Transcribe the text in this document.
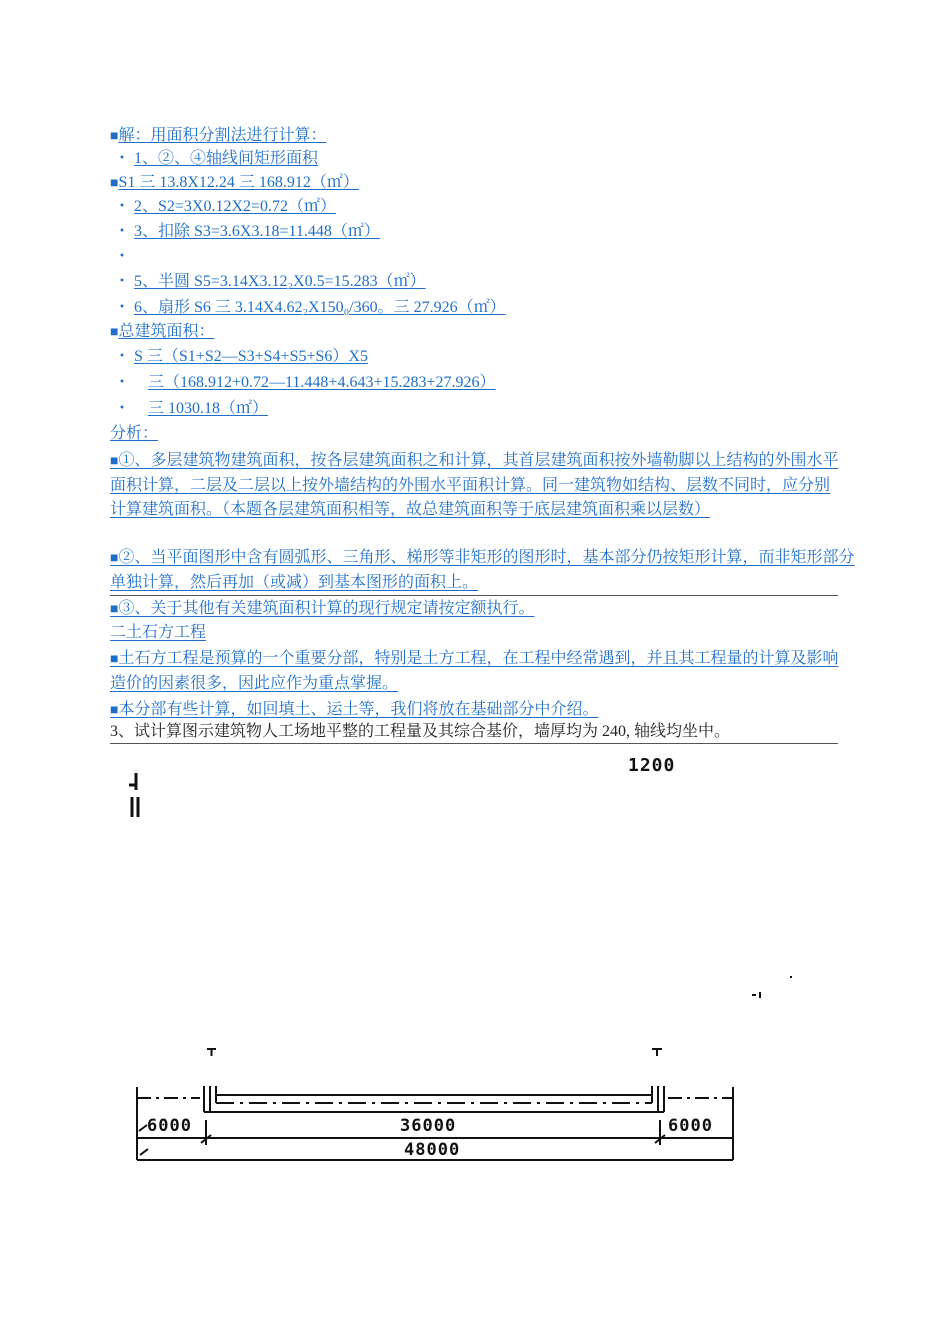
■解：用面积分割法进行计算：
・ 1、②、④轴线间矩形面积
■S1 三 13.8X12.24 三 168.912（㎡）
・ 2、S2=3X0.12X2=0.72（㎡）
・ 3、扣除 S3=3.6X3.18=11.448（㎡）
・
・ 5、半圆 S5=3.14X3.12₂X0.5=15.283（㎡）
・ 6、扇形 S6 三 3.14X4.62₂X150₀/360。三 27.926（㎡）
■总建筑面积：
・ S 三（S1+S2—S3+S4+S5+S6）X5
・ 三（168.912+0.72—11.448+4.643+15.283+27.926）
・ 三 1030.18（㎡）
分析：
■①、多层建筑物建筑面积，按各层建筑面积之和计算，其首层建筑面积按外墙勒脚以上结构的外围水平面积计算，二层及二层以上按外墙结构的外围水平面积计算。同一建筑物如结构、层数不同时，应分别计算建筑面积。（本题各层建筑面积相等，故总建筑面积等于底层建筑面积乘以层数）
■②、当平面图形中含有圆弧形、三角形、梯形等非矩形的图形时，基本部分仍按矩形计算，而非矩形部分单独计算，然后再加（或减）到基本图形的面积上。
■③、关于其他有关建筑面积计算的现行规定请按定额执行。
二土石方工程
■土石方工程是预算的一个重要分部，特别是土方工程，在工程中经常遇到，并且其工程量的计算及影响造价的因素很多，因此应作为重点掌握。
■本分部有些计算，如回填土、运土等，我们将放在基础部分中介绍。
3、试计算图示建筑物人工场地平整的工程量及其综合基价，墙厚均为 240, 轴线均坐中。
1200
6000	36000	6000
48000
